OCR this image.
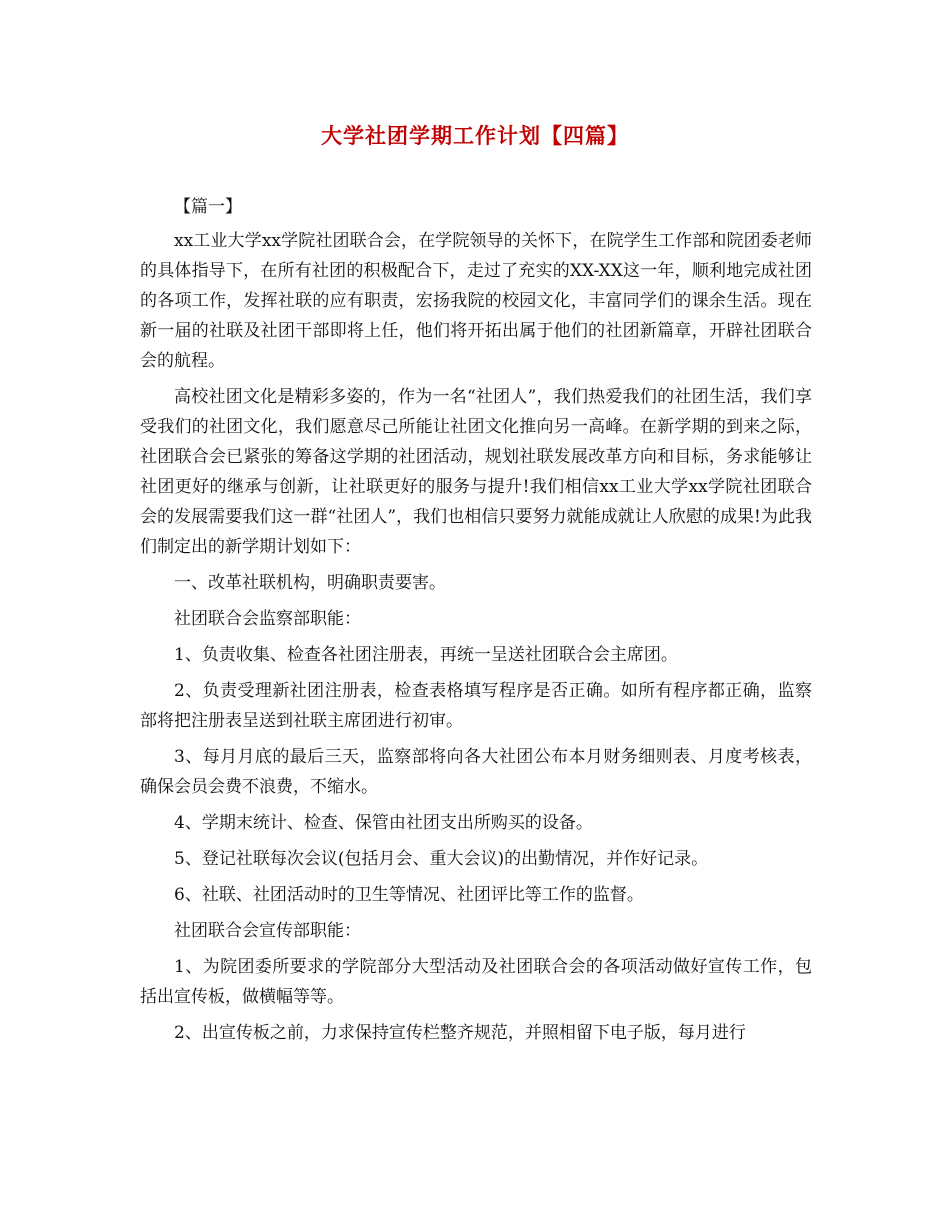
大学社团学期工作计划【四篇】

【篇一】

xx工业大学xx学院社团联合会，在学院领导的关怀下，在院学生工作部和院团委老师的具体指导下，在所有社团的积极配合下，走过了充实的XX-XX这一年，顺利地完成社团的各项工作，发挥社联的应有职责，宏扬我院的校园文化，丰富同学们的课余生活。现在新一届的社联及社团干部即将上任，他们将开拓出属于他们的社团新篇章，开辟社团联合会的航程。

高校社团文化是精彩多姿的，作为一名“社团人”，我们热爱我们的社团生活，我们享受我们的社团文化，我们愿意尽己所能让社团文化推向另一高峰。在新学期的到来之际，社团联合会已紧张的筹备这学期的社团活动，规划社联发展改革方向和目标，务求能够让社团更好的继承与创新，让社联更好的服务与提升!我们相信xx工业大学xx学院社团联合会的发展需要我们这一群“社团人”，我们也相信只要努力就能成就让人欣慰的成果!为此我们制定出的新学期计划如下：

一、改革社联机构，明确职责要害。

社团联合会监察部职能：

1、负责收集、检查各社团注册表，再统一呈送社团联合会主席团。

2、负责受理新社团注册表，检查表格填写程序是否正确。如所有程序都正确，监察部将把注册表呈送到社联主席团进行初审。

3、每月月底的最后三天，监察部将向各大社团公布本月财务细则表、月度考核表，确保会员会费不浪费，不缩水。

4、学期末统计、检查、保管由社团支出所购买的设备。

5、登记社联每次会议(包括月会、重大会议)的出勤情况，并作好记录。

6、社联、社团活动时的卫生等情况、社团评比等工作的监督。

社团联合会宣传部职能：

1、为院团委所要求的学院部分大型活动及社团联合会的各项活动做好宣传工作，包括出宣传板，做横幅等等。

2、出宣传板之前，力求保持宣传栏整齐规范，并照相留下电子版，每月进行
